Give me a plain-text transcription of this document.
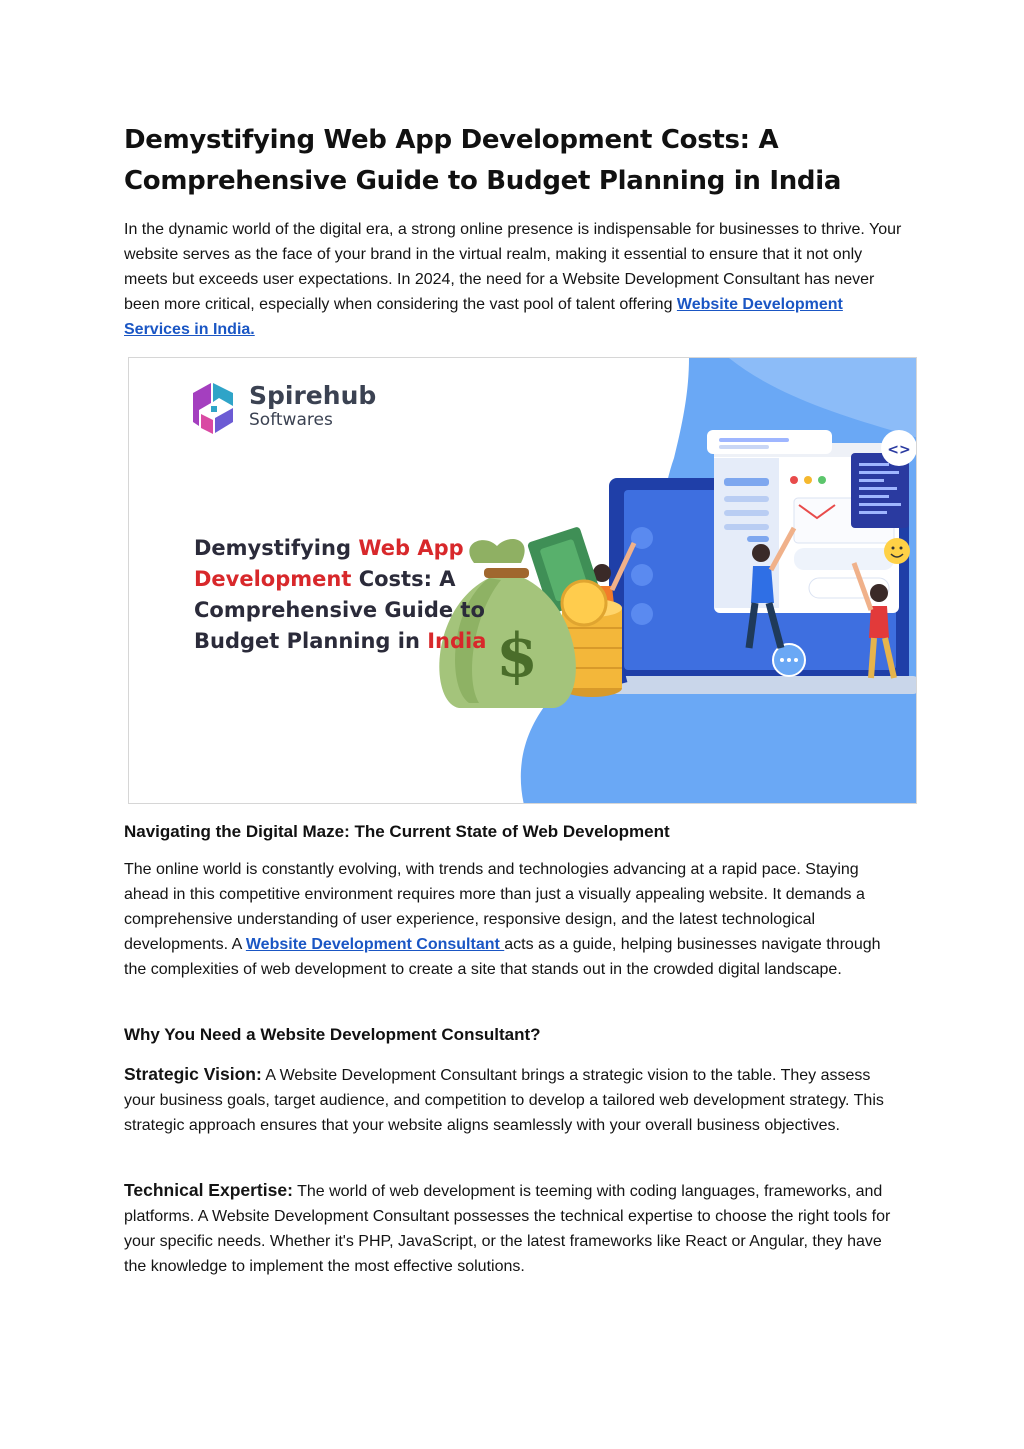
Demystifying Web App Development Costs: A Comprehensive Guide to Budget Planning in India

In the dynamic world of the digital era, a strong online presence is indispensable for businesses to thrive. Your website serves as the face of your brand in the virtual realm, making it essential to ensure that it not only meets but exceeds user expectations. In 2024, the need for a Website Development Consultant has never been more critical, especially when considering the vast pool of talent offering Website Development Services in India.

<>
$
Spirehub
Softwares
Demystifying Web App Development Costs: A Comprehensive Guide to Budget Planning in India
Navigating the Digital Maze: The Current State of Web Development

The online world is constantly evolving, with trends and technologies advancing at a rapid pace. Staying ahead in this competitive environment requires more than just a visually appealing website. It demands a comprehensive understanding of user experience, responsive design, and the latest technological developments. A Website Development Consultant acts as a guide, helping businesses navigate through the complexities of web development to create a site that stands out in the crowded digital landscape.

Why You Need a Website Development Consultant?

Strategic Vision: A Website Development Consultant brings a strategic vision to the table. They assess your business goals, target audience, and competition to develop a tailored web development strategy. This strategic approach ensures that your website aligns seamlessly with your overall business objectives.

Technical Expertise: The world of web development is teeming with coding languages, frameworks, and platforms. A Website Development Consultant possesses the technical expertise to choose the right tools for your specific needs. Whether it's PHP, JavaScript, or the latest frameworks like React or Angular, they have the knowledge to implement the most effective solutions.
